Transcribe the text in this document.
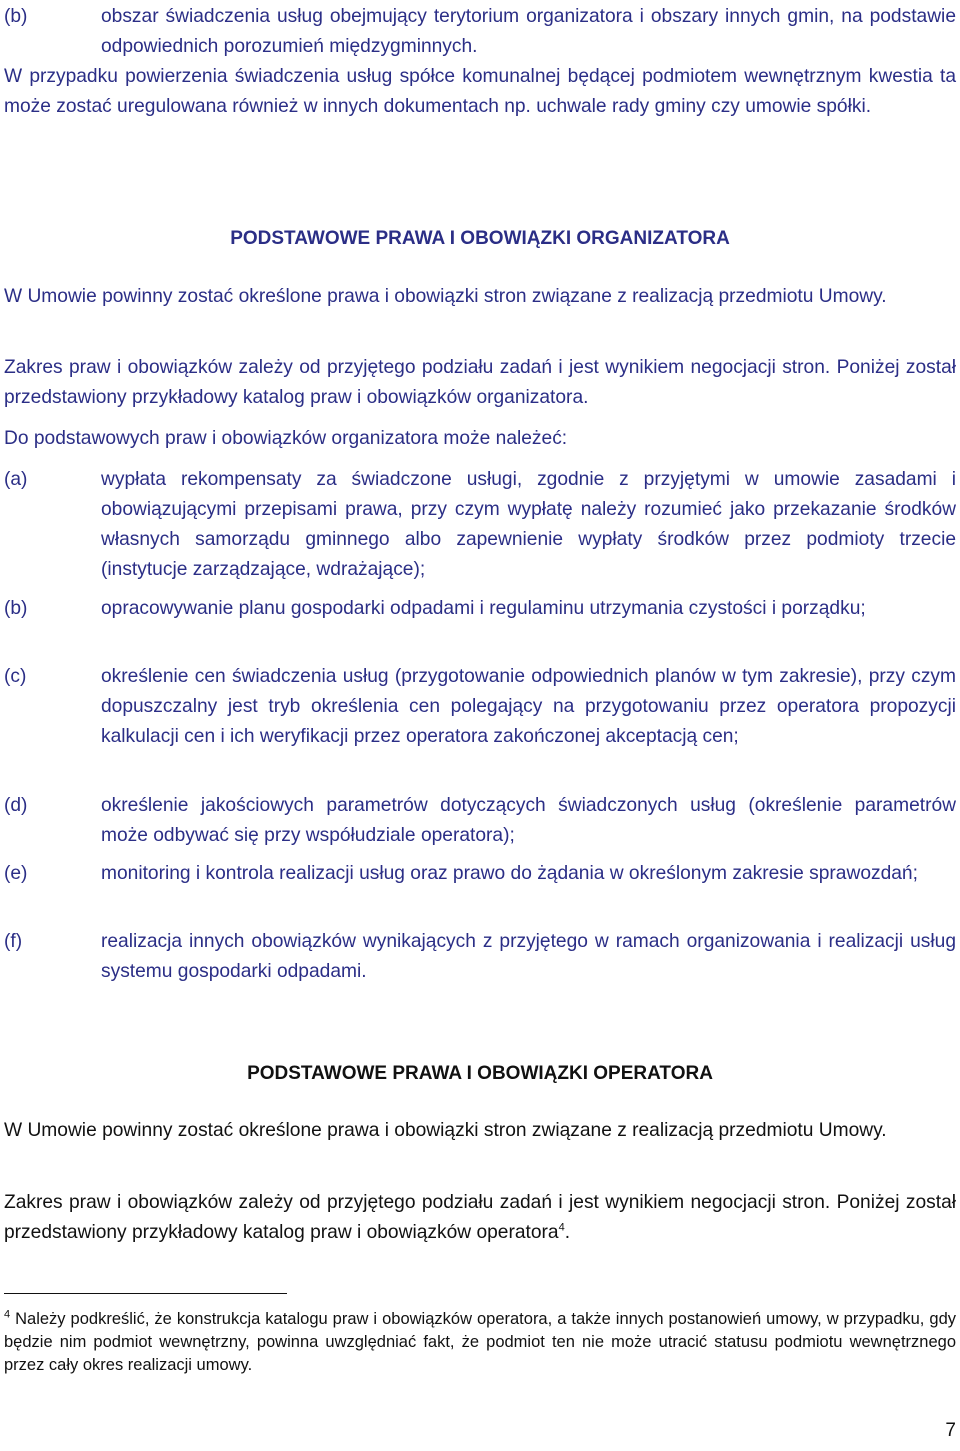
(b)	obszar świadczenia usług obejmujący terytorium organizatora i obszary innych gmin, na podstawie odpowiednich porozumień międzygminnych.
W przypadku powierzenia świadczenia usług spółce komunalnej będącej podmiotem wewnętrznym kwestia ta może zostać uregulowana również w innych dokumentach np. uchwale rady gminy czy umowie spółki.
PODSTAWOWE PRAWA I OBOWIĄZKI ORGANIZATORA
W Umowie powinny zostać określone prawa i obowiązki stron związane z realizacją przedmiotu Umowy.
Zakres praw i obowiązków zależy od przyjętego podziału zadań i jest wynikiem negocjacji stron. Poniżej został przedstawiony przykładowy katalog praw i obowiązków organizatora.
Do podstawowych praw i obowiązków organizatora może należeć:
(a)	wypłata rekompensaty za świadczone usługi, zgodnie z przyjętymi w umowie zasadami i obowiązującymi przepisami prawa, przy czym wypłatę należy rozumieć jako przekazanie środków własnych samorządu gminnego albo zapewnienie wypłaty środków przez podmioty trzecie (instytucje zarządzające, wdrażające);
(b)	opracowywanie planu gospodarki odpadami i regulaminu utrzymania czystości i porządku;
(c)	określenie cen świadczenia usług (przygotowanie odpowiednich planów w tym zakresie), przy czym dopuszczalny jest tryb określenia cen polegający na przygotowaniu przez operatora propozycji kalkulacji cen i ich weryfikacji przez operatora zakończonej akceptacją cen;
(d)	określenie jakościowych parametrów dotyczących świadczonych usług (określenie parametrów może odbywać się przy współudziale operatora);
(e)	monitoring i kontrola realizacji usług oraz prawo do żądania w określonym zakresie sprawozdań;
(f)	realizacja innych obowiązków wynikających z przyjętego w ramach organizowania i realizacji usług systemu gospodarki odpadami.
PODSTAWOWE PRAWA I OBOWIĄZKI OPERATORA
W Umowie powinny zostać określone prawa i obowiązki stron związane z realizacją przedmiotu Umowy.
Zakres praw i obowiązków zależy od przyjętego podziału zadań i jest wynikiem negocjacji stron. Poniżej został przedstawiony przykładowy katalog praw i obowiązków operatora$^4$.
$^4$ Należy podkreślić, że konstrukcja katalogu praw i obowiązków operatora, a także innych postanowień umowy, w przypadku, gdy będzie nim podmiot wewnętrzny, powinna uwzględniać fakt, że podmiot ten nie może utracić statusu podmiotu wewnętrznego przez cały okres realizacji umowy.
7
